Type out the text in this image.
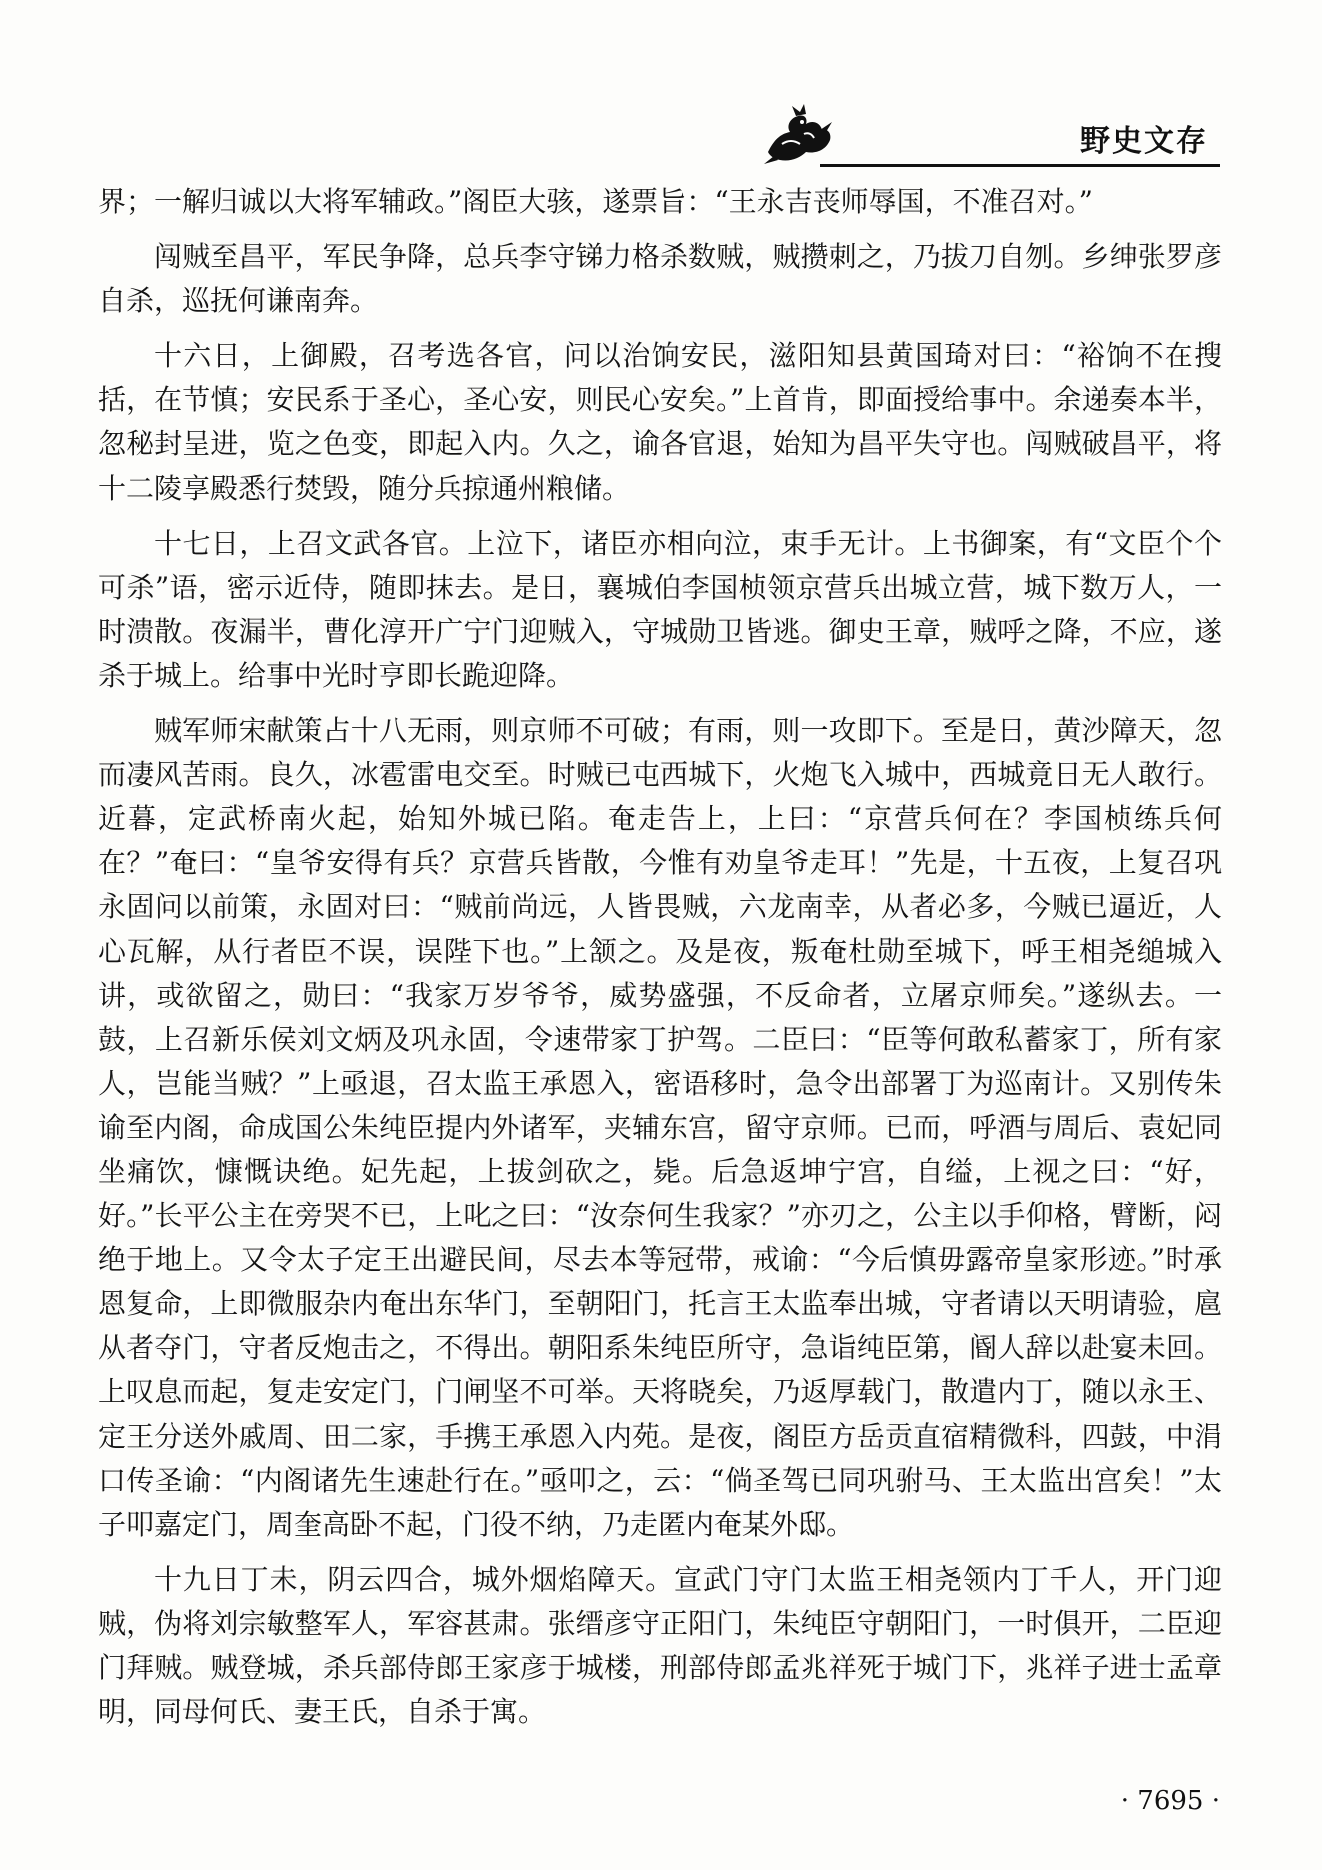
野史文存

界；一解归诚以大将军辅政。”阁臣大骇，遂票旨：“王永吉丧师辱国，不准召对。”

闯贼至昌平，军民争降，总兵李守锑力格杀数贼，贼攒刺之，乃拔刀自刎。乡绅张罗彦自杀，巡抚何谦南奔。

十六日，上御殿，召考选各官，问以治饷安民，滋阳知县黄国琦对曰：“裕饷不在搜括，在节慎；安民系于圣心，圣心安，则民心安矣。”上首肯，即面授给事中。余递奏本半，忽秘封呈进，览之色变，即起入内。久之，谕各官退，始知为昌平失守也。闯贼破昌平，将十二陵享殿悉行焚毁，随分兵掠通州粮储。

十七日，上召文武各官。上泣下，诸臣亦相向泣，束手无计。上书御案，有“文臣个个可杀”语，密示近侍，随即抹去。是日，襄城伯李国桢领京营兵出城立营，城下数万人，一时溃散。夜漏半，曹化淳开广宁门迎贼入，守城勋卫皆逃。御史王章，贼呼之降，不应，遂杀于城上。给事中光时亨即长跪迎降。

贼军师宋献策占十八无雨，则京师不可破；有雨，则一攻即下。至是日，黄沙障天，忽而凄风苦雨。良久，冰雹雷电交至。时贼已屯西城下，火炮飞入城中，西城竟日无人敢行。近暮，定武桥南火起，始知外城已陷。奄走告上，上曰：“京营兵何在？李国桢练兵何在？”奄曰：“皇爷安得有兵？京营兵皆散，今惟有劝皇爷走耳！”先是，十五夜，上复召巩永固问以前策，永固对曰：“贼前尚远，人皆畏贼，六龙南幸，从者必多，今贼已逼近，人心瓦解，从行者臣不误，误陛下也。”上颔之。及是夜，叛奄杜勋至城下，呼王相尧缒城入讲，或欲留之，勋曰：“我家万岁爷爷，威势盛强，不反命者，立屠京师矣。”遂纵去。一鼓，上召新乐侯刘文炳及巩永固，令速带家丁护驾。二臣曰：“臣等何敢私蓄家丁，所有家人，岂能当贼？”上亟退，召太监王承恩入，密语移时，急令出部署丁为巡南计。又别传朱谕至内阁，命成国公朱纯臣提内外诸军，夹辅东宫，留守京师。已而，呼酒与周后、袁妃同坐痛饮，慷慨诀绝。妃先起，上拔剑砍之，毙。后急返坤宁宫，自缢，上视之曰：“好，好。”长平公主在旁哭不已，上叱之曰：“汝奈何生我家？”亦刃之，公主以手仰格，臂断，闷绝于地上。又令太子定王出避民间，尽去本等冠带，戒谕：“今后慎毋露帝皇家形迹。”时承恩复命，上即微服杂内奄出东华门，至朝阳门，托言王太监奉出城，守者请以天明请验，扈从者夺门，守者反炮击之，不得出。朝阳系朱纯臣所守，急诣纯臣第，阍人辞以赴宴未回。上叹息而起，复走安定门，门闸坚不可举。天将晓矣，乃返厚载门，散遣内丁，随以永王、定王分送外戚周、田二家，手携王承恩入内苑。是夜，阁臣方岳贡直宿精微科，四鼓，中涓口传圣谕：“内阁诸先生速赴行在。”亟叩之，云：“倘圣驾已同巩驸马、王太监出宫矣！”太子叩嘉定门，周奎高卧不起，门役不纳，乃走匿内奄某外邸。

十九日丁未，阴云四合，城外烟焰障天。宣武门守门太监王相尧领内丁千人，开门迎贼，伪将刘宗敏整军人，军容甚肃。张缙彦守正阳门，朱纯臣守朝阳门，一时俱开，二臣迎门拜贼。贼登城，杀兵部侍郎王家彦于城楼，刑部侍郎孟兆祥死于城门下，兆祥子进士孟章明，同母何氏、妻王氏，自杀于寓。

· 7695 ·
